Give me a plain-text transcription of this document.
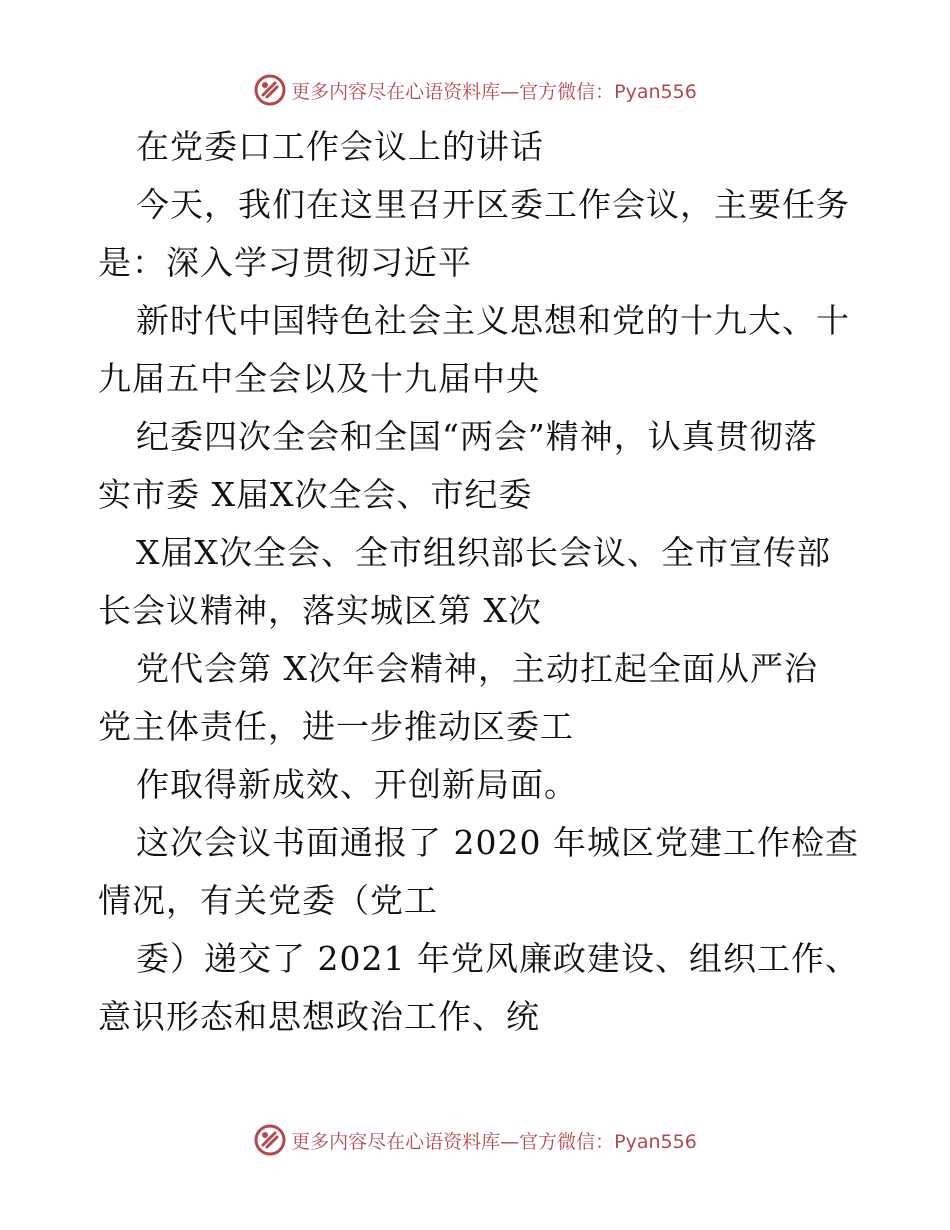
更多内容尽在心语资料库—官方微信：Pyan556
在党委口工作会议上的讲话
今天，我们在这里召开区委工作会议，主要任务
是：深入学习贯彻习近平
新时代中国特色社会主义思想和党的十九大、十
九届五中全会以及十九届中央
纪委四次全会和全国“两会”精神，认真贯彻落
实市委 X届X次全会、市纪委
X届X次全会、全市组织部长会议、全市宣传部
长会议精神，落实城区第 X次
党代会第 X次年会精神，主动扛起全面从严治
党主体责任，进一步推动区委工
作取得新成效、开创新局面。
这次会议书面通报了 2020 年城区党建工作检查
情况，有关党委（党工
委）递交了 2021 年党风廉政建设、组织工作、
意识形态和思想政治工作、统
更多内容尽在心语资料库—官方微信：Pyan556
